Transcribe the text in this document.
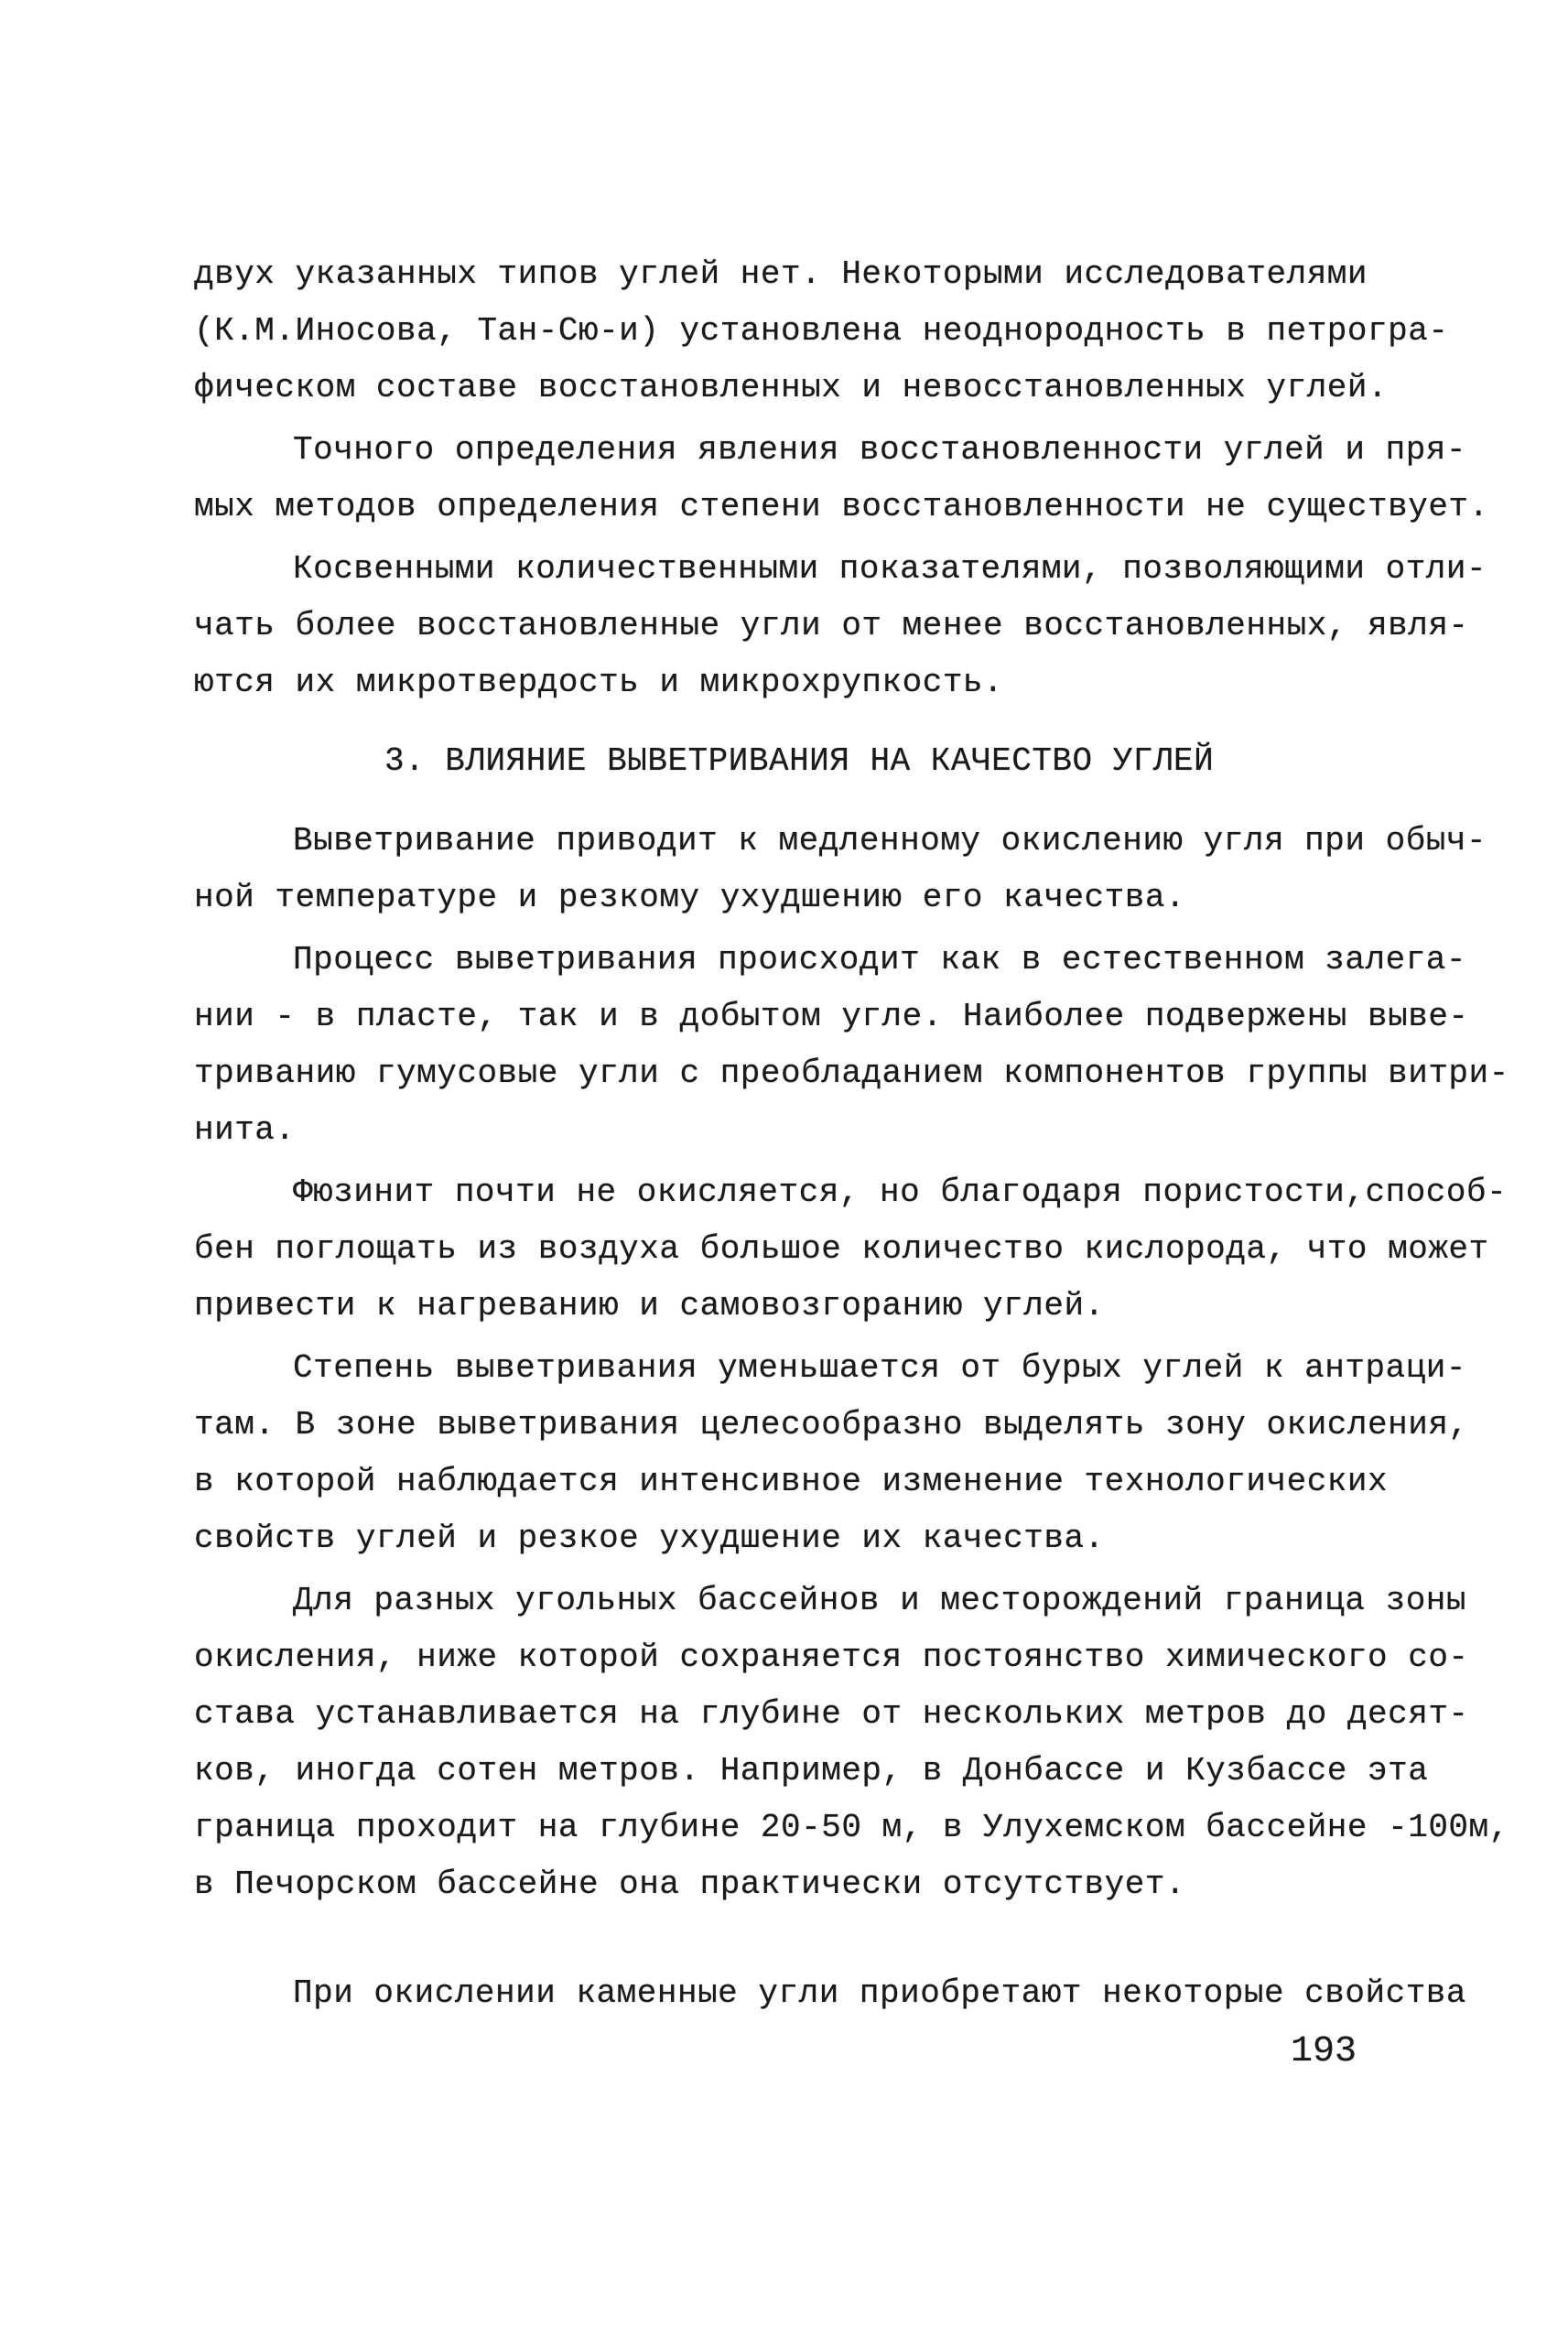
двух указанных типов углей нет. Некоторыми исследователями
(К.М.Иносова, Тан-Сю-и) установлена неоднородность в петрогра-
фическом составе восстановленных и невосстановленных углей.
Точного определения явления восстановленности углей и пря-
мых методов определения степени восстановленности не существует.
Косвенными количественными показателями, позволяющими отли-
чать более восстановленные угли от менее восстановленных, явля-
ются их микротвердость и микрохрупкость.
3. ВЛИЯНИЕ ВЫВЕТРИВАНИЯ НА КАЧЕСТВО УГЛЕЙ
Выветривание приводит к медленному окислению угля при обыч-
ной температуре и резкому ухудшению его качества.
Процесс выветривания происходит как в естественном залега-
нии - в пласте, так и в добытом угле. Наиболее подвержены выве-
триванию гумусовые угли с преобладанием компонентов группы витри-
нита.
Фюзинит почти не окисляется, но благодаря пористости,способ-
бен поглощать из воздуха большое количество кислорода, что может
привести к нагреванию и самовозгоранию углей.
Степень выветривания уменьшается от бурых углей к антраци-
там. В зоне выветривания целесообразно выделять зону окисления,
в которой наблюдается интенсивное изменение технологических
свойств углей и резкое ухудшение их качества.
Для разных угольных бассейнов и месторождений граница зоны
окисления, ниже которой сохраняется постоянство химического со-
става устанавливается на глубине от нескольких метров до десят-
ков, иногда сотен метров. Например, в Донбассе и Кузбассе эта
граница проходит на глубине 20-50 м, в Улухемском бассейне -100м,
в Печорском бассейне она практически отсутствует.
При окислении каменные угли приобретают некоторые свойства
193
